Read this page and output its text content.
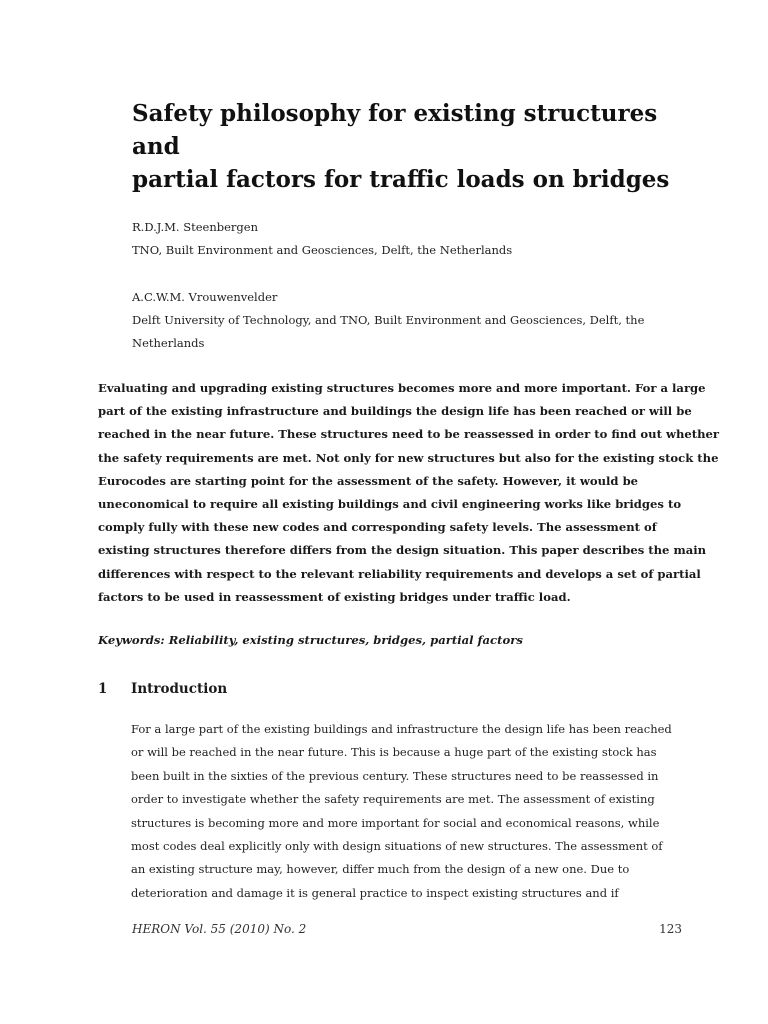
Safety philosophy for existing structures
and
partial factors for traffic loads on bridges
R.D.J.M. Steenbergen
TNO, Built Environment and Geosciences, Delft, the Netherlands
A.C.W.M. Vrouwenvelder
Delft University of Technology, and TNO, Built Environment and Geosciences, Delft, the
Netherlands
Evaluating and upgrading existing structures becomes more and more important. For a large
part of the existing infrastructure and buildings the design life has been reached or will be
reached in the near future. These structures need to be reassessed in order to find out whether
the safety requirements are met. Not only for new structures but also for the existing stock the
Eurocodes are starting point for the assessment of the safety. However, it would be
uneconomical to require all existing buildings and civil engineering works like bridges to
comply fully with these new codes and corresponding safety levels. The assessment of
existing structures therefore differs from the design situation. This paper describes the main
differences with respect to the relevant reliability requirements and develops a set of partial
factors to be used in reassessment of existing bridges under traffic load.
Keywords: Reliability, existing structures, bridges, partial factors
1 Introduction
For a large part of the existing buildings and infrastructure the design life has been reached
or will be reached in the near future. This is because a huge part of the existing stock has
been built in the sixties of the previous century. These structures need to be reassessed in
order to investigate whether the safety requirements are met. The assessment of existing
structures is becoming more and more important for social and economical reasons, while
most codes deal explicitly only with design situations of new structures. The assessment of
an existing structure may, however, differ much from the design of a new one. Due to
deterioration and damage it is general practice to inspect existing structures and if
HERON Vol. 55 (2010) No. 2	123
